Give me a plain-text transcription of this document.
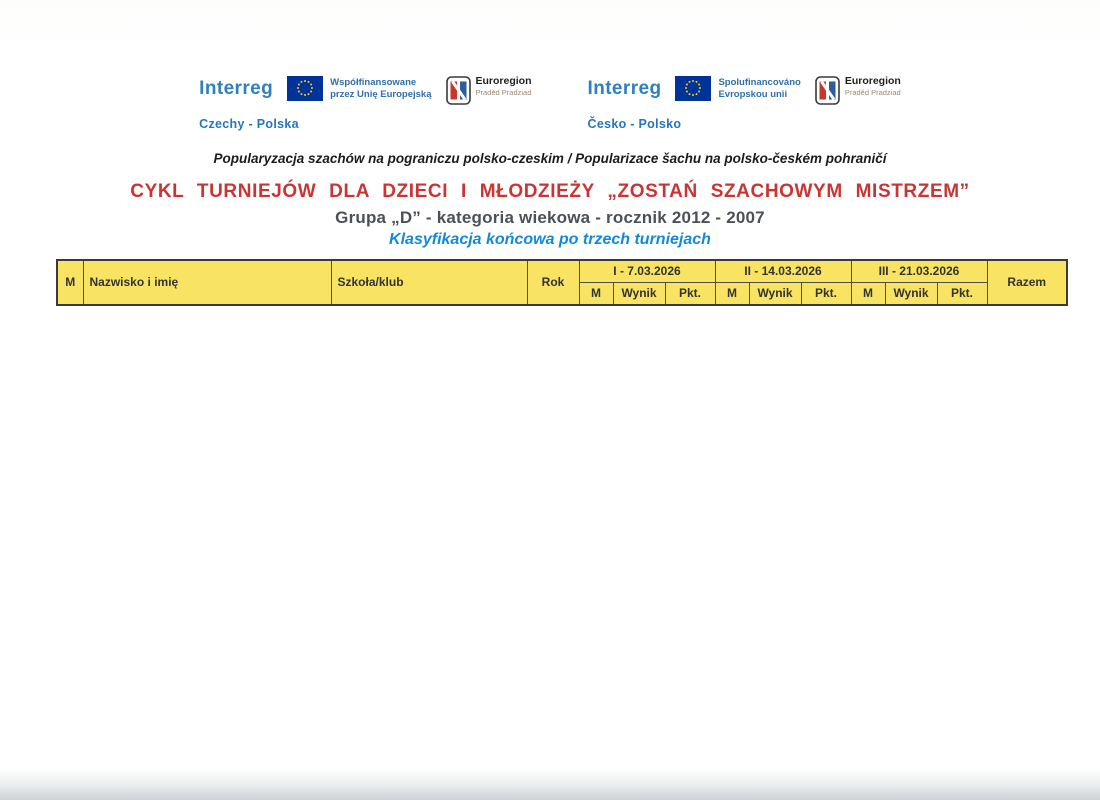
Interreg	Współfinansowane
przez Unię Europejską
Euroregion
Praděd Pradziad
Czechy - Polska
Interreg	Spolufinancováno
Evropskou unii
Euroregion
Praděd Pradziad
Česko - Polsko
Popularyzacja szachów na pograniczu polsko-czeskim / Popularizace šachu na polsko-českém pohraničí
CYKL TURNIEJÓW DLA DZIECI I MŁODZIEŻY „ZOSTAŃ SZACHOWYM MISTRZEM”
Grupa „D” - kategoria wiekowa - rocznik 2012 - 2007
Klasyfikacja końcowa po trzech turniejach
M	Nazwisko i imię	Szkoła/klub	Rok	I - 7.03.2026			II - 14.03.2026			III - 21.03.2026			Razem
				M	Wynik	Pkt.	M	Wynik	Pkt.	M	Wynik	Pkt.	
